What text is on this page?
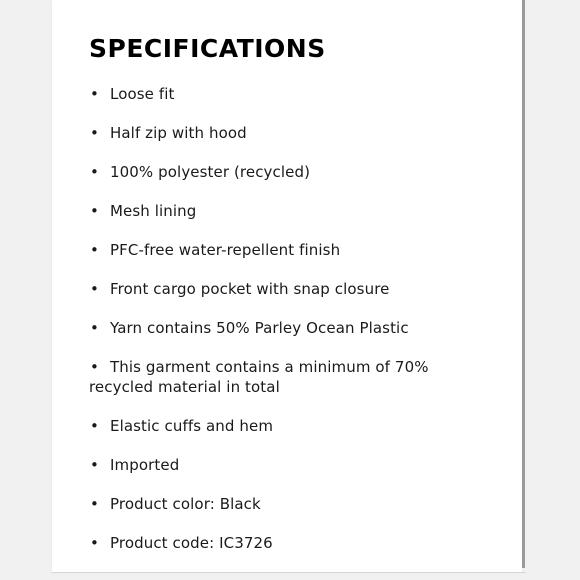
SPECIFICATIONS
• Loose fit
• Half zip with hood
• 100% polyester (recycled)
• Mesh lining
• PFC-free water-repellent finish
• Front cargo pocket with snap closure
• Yarn contains 50% Parley Ocean Plastic
• This garment contains a minimum of 70% recycled material in total
• Elastic cuffs and hem
• Imported
• Product color: Black
• Product code: IC3726
